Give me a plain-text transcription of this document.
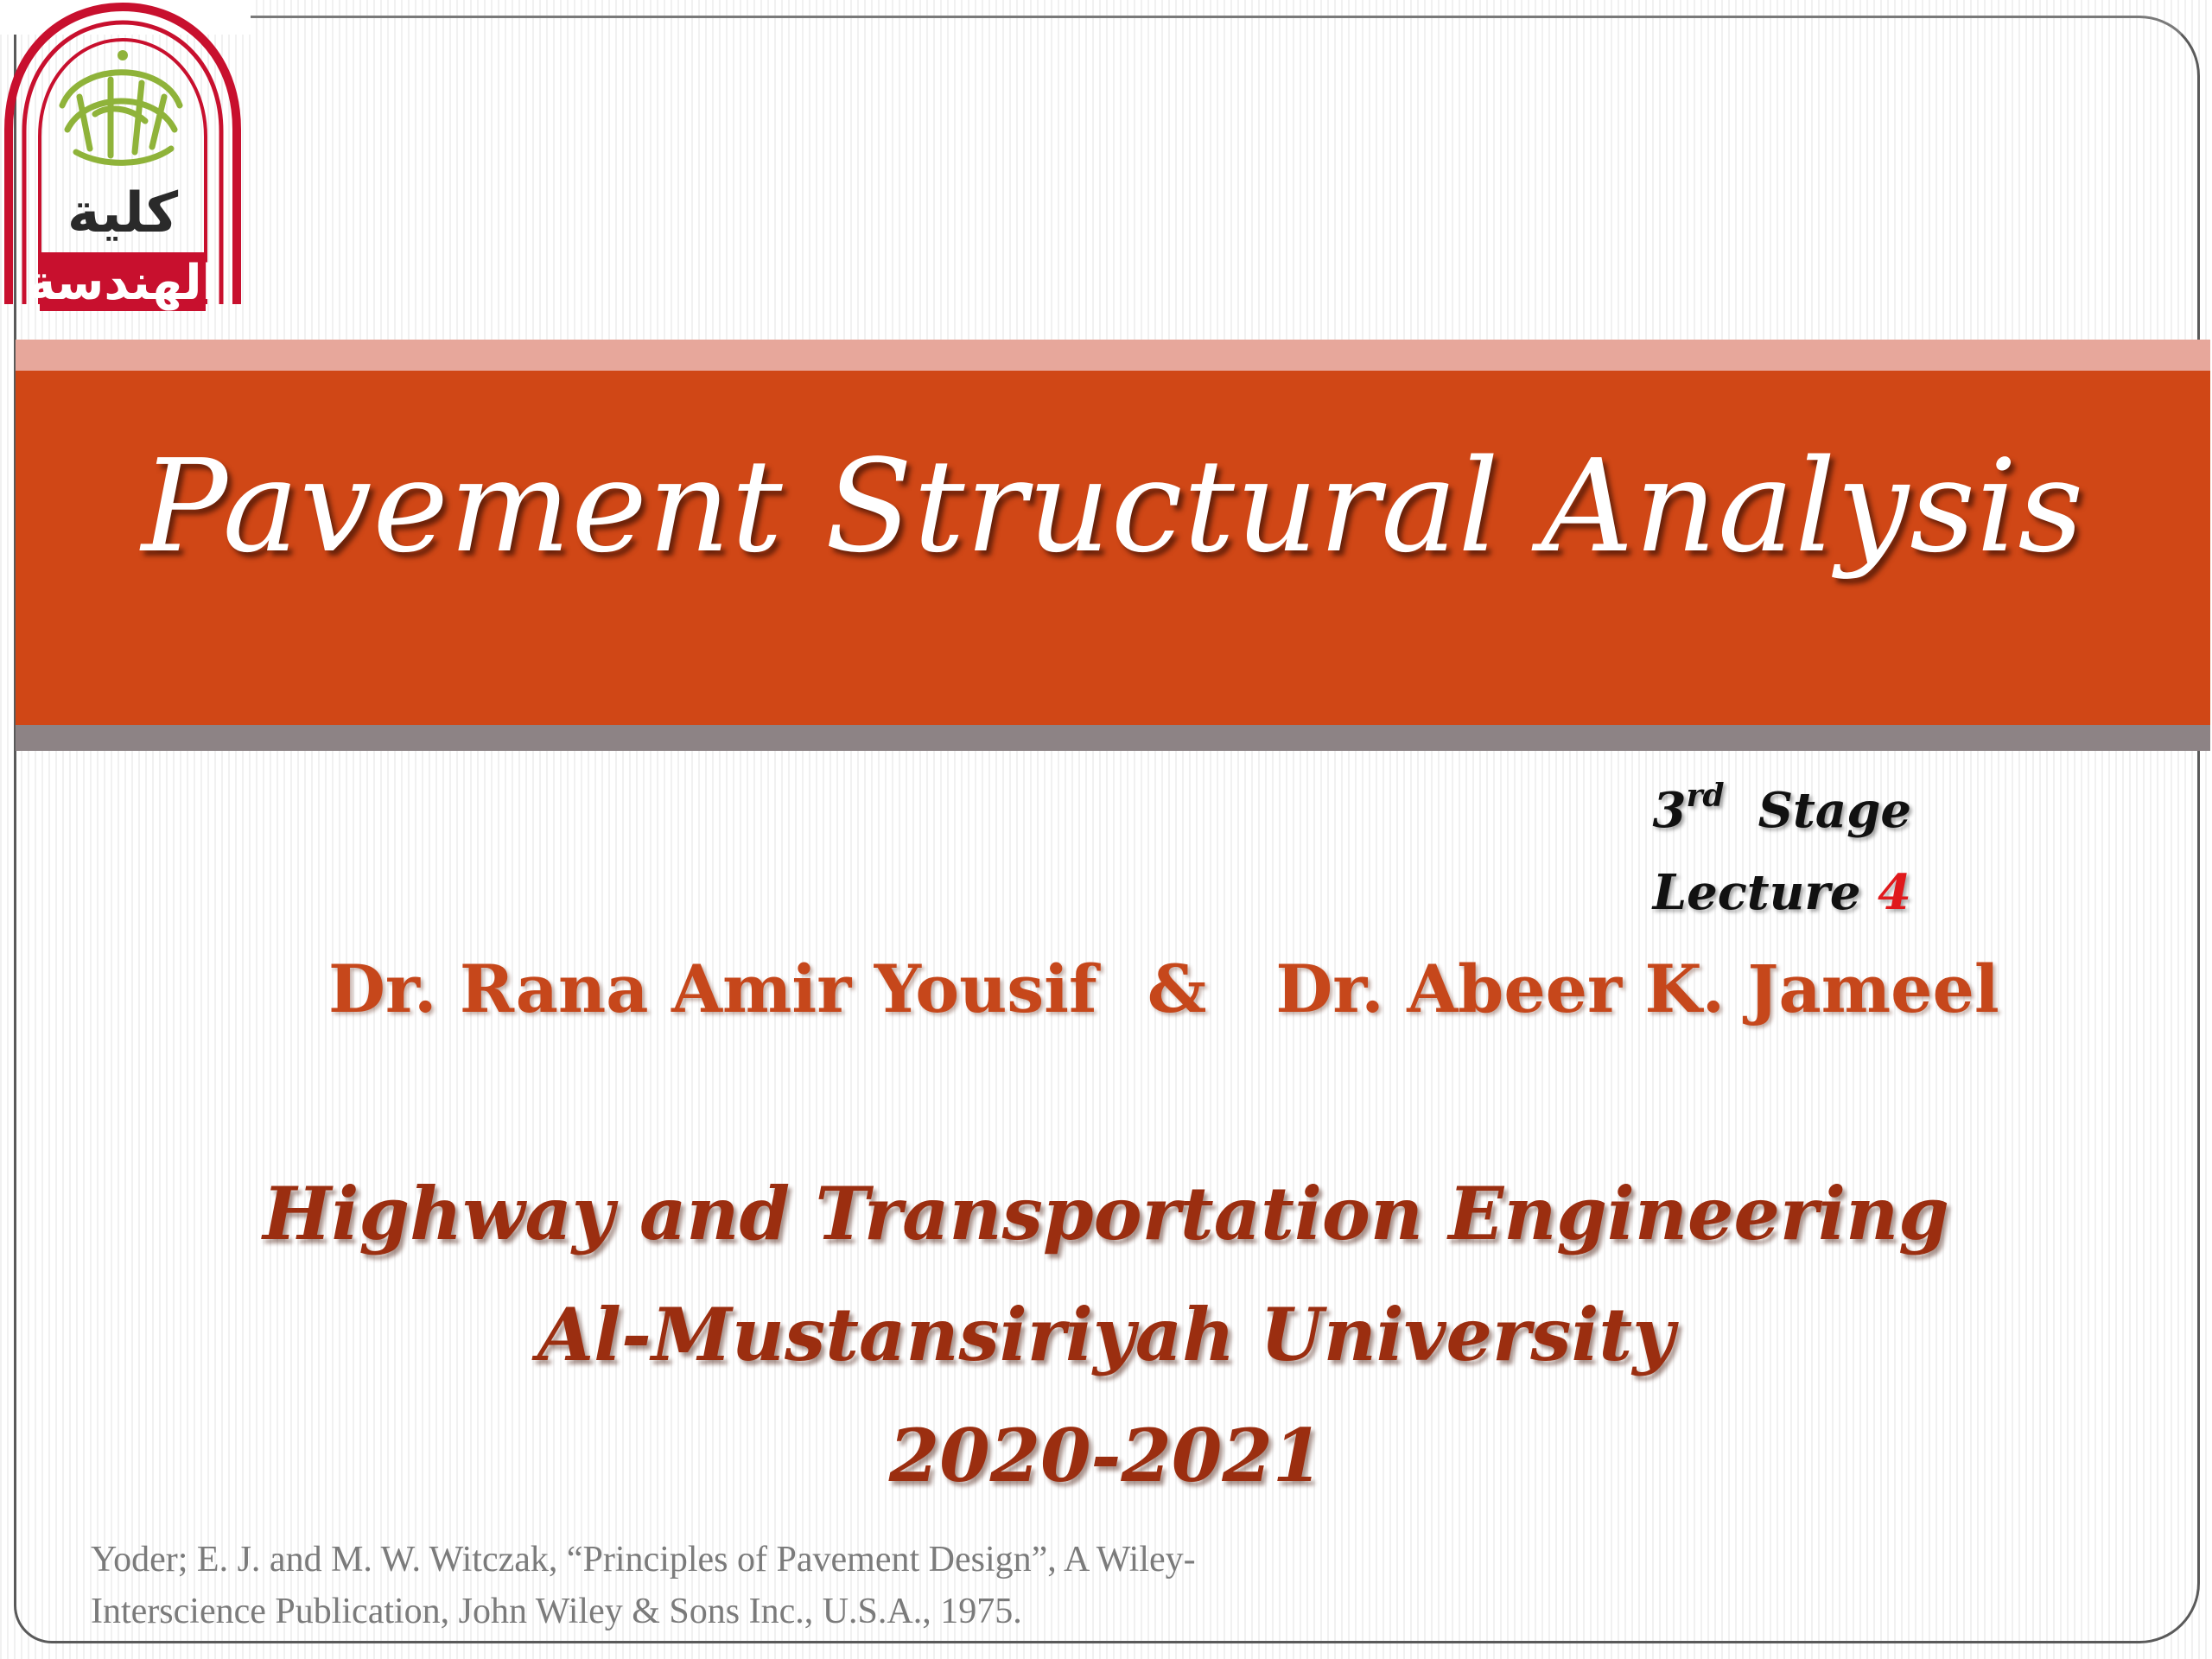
كلية
الهندسة
Pavement Structural Analysis
3rd Stage
Lecture 4
Dr. Rana Amir Yousif & Dr. Abeer K. Jameel
Highway and Transportation Engineering
Al-Mustansiriyah University
2020-2021
Yoder; E. J. and M. W. Witczak, “Principles of Pavement Design”, A Wiley-
Interscience Publication, John Wiley & Sons Inc., U.S.A., 1975.
